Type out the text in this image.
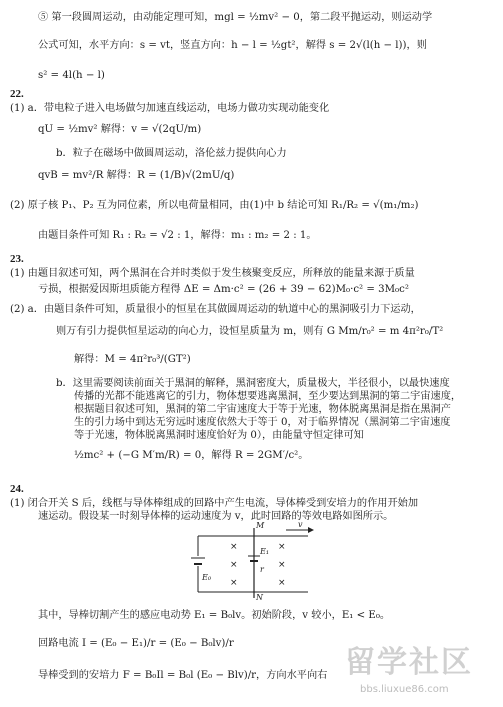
⑤ 第一段圆周运动，由动能定理可知，mgl = ½mv² − 0，第二段平抛运动，则运动学
公式可知，水平方向：s = vt，竖直方向：h − l = ½gt²，解得 s = 2√(l(h − l))，则
s² = 4l(h − l)
22.
(1) a．带电粒子进入电场做匀加速直线运动，电场力做功实现动能变化
qU = ½mv² 解得：v = √(2qU/m)
b．粒子在磁场中做圆周运动，洛伦兹力提供向心力
qvB = mv²/R 解得：R = (1/B)√(2mU/q)
(2) 原子核 P₁、P₂ 互为同位素，所以电荷量相同，由(1)中 b 结论可知 R₁/R₂ = √(m₁/m₂)
由题目条件可知 R₁ : R₂ = √2 : 1，解得：m₁ : m₂ = 2 : 1。
23.
(1) 由题目叙述可知，两个黑洞在合并时类似于发生核聚变反应，所释放的能量来源于质量
亏损，根据爱因斯坦质能方程得 ΔE = Δm·c² = (26 + 39 − 62)M₀·c² = 3M₀c²
(2) a．由题目条件可知，质量很小的恒星在其做圆周运动的轨道中心的黑洞吸引力下运动，
则万有引力提供恒星运动的向心力，设恒星质量为 m，则有 G Mm/r₀² = m 4π²r₀/T²
解得：M = 4π²r₀³/(GT²)
b．这里需要阅读前面关于黑洞的解释，黑洞密度大，质量极大，半径很小，以最快速度
传播的光都不能逃离它的引力，物体想要逃离黑洞，至少要达到黑洞的第二宇宙速度，
根据题目叙述可知，黑洞的第二宇宙速度大于等于光速，物体脱离黑洞是指在黑洞产
生的引力场中到达无穷远时速度依然大于等于 0，对于临界情况（黑洞第二宇宙速度
等于光速，物体脱离黑洞时速度恰好为 0），由能量守恒定律可知
½mc² + (−G M′m/R) = 0，解得 R = 2GM′/c²。
24.
(1) 闭合开关 S 后，线框与导体棒组成的回路中产生电流，导体棒受到安培力的作用开始加
速运动。假设某一时刻导体棒的运动速度为 v，此时回路的等效电路如图所示。
×	×
×	×
×	×
M
N
v
E₀
E₁
r
其中，导棒切割产生的感应电动势 E₁ = B₀lv。初始阶段，v 较小，E₁ < E₀。
回路电流 I = (E₀ − E₁)/r = (E₀ − B₀lv)/r
导棒受到的安培力 F = B₀Il = B₀l (E₀ − Blv)/r，方向水平向右 留学社区
bbs.liuxue86.com
